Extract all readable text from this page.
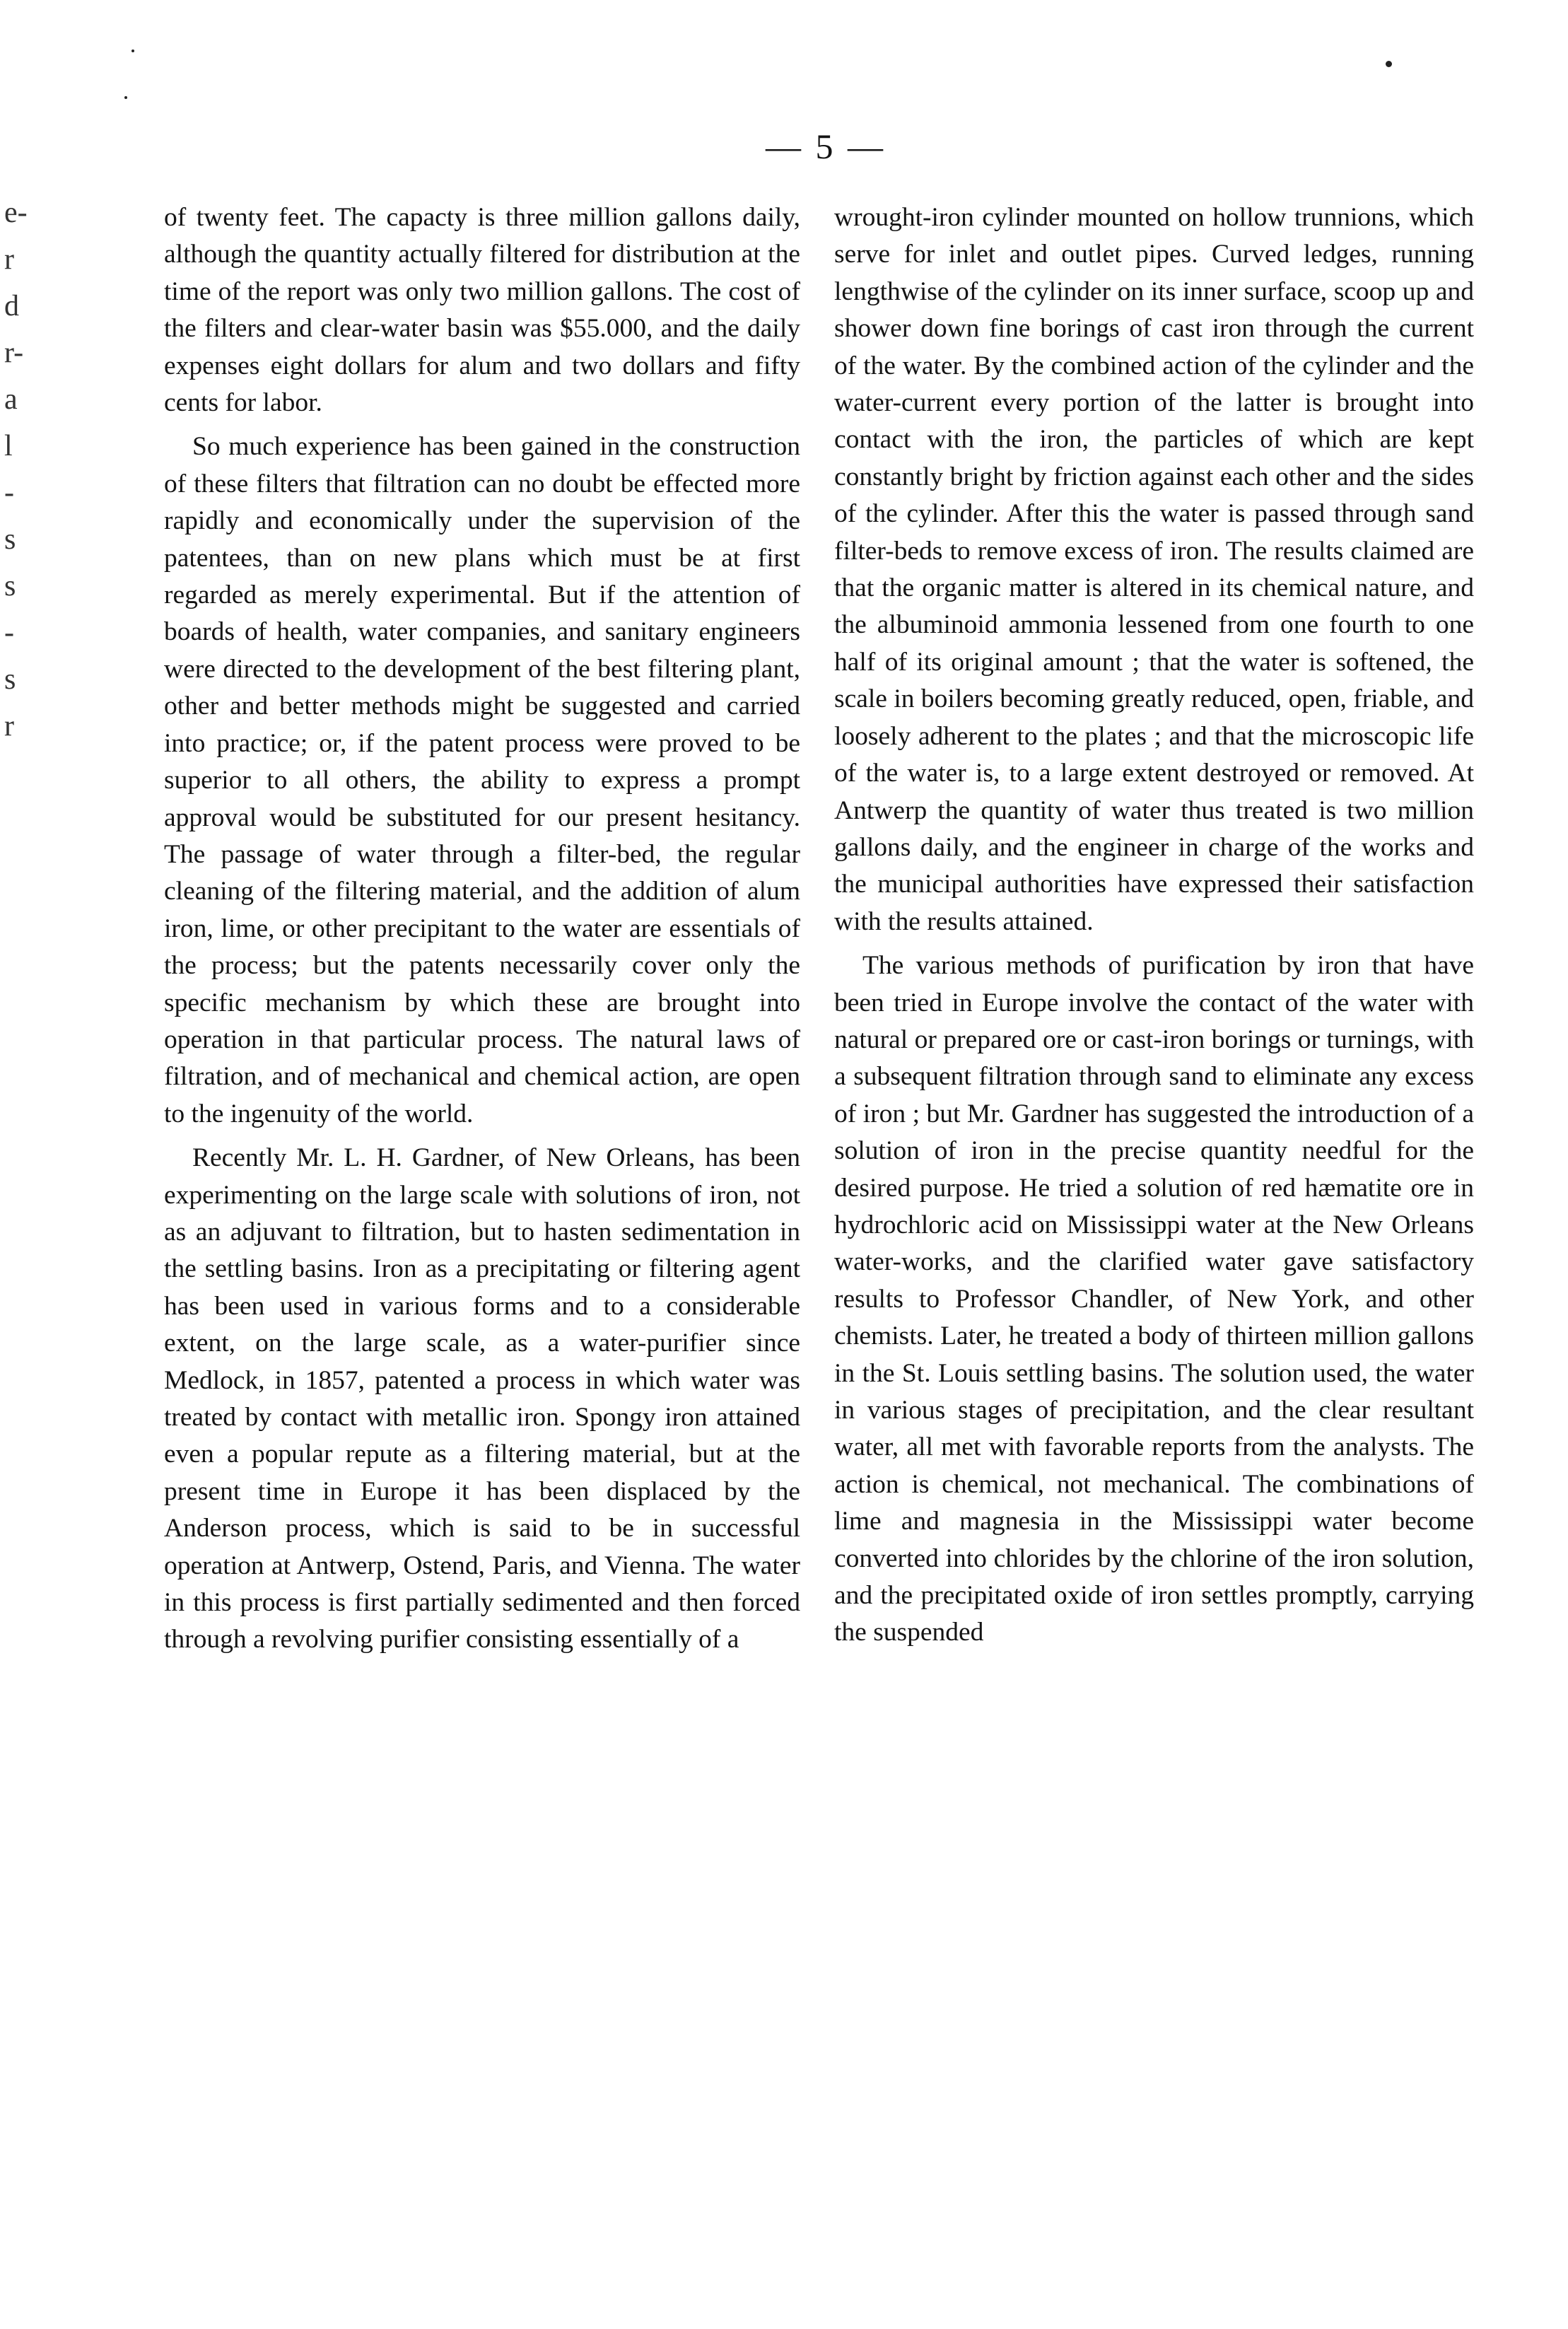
— 5 —
e-
r
d
r-
a
l
-
s
s
-
s
r

of twenty feet. The capacty is three million gallons daily, although the quantity actually filtered for distribution at the time of the report was only two million gallons. The cost of the filters and clear-water basin was $55.000, and the daily expenses eight dollars for alum and two dollars and fifty cents for labor.

So much experience has been gained in the construction of these filters that filtration can no doubt be effected more rapidly and economically under the supervision of the patentees, than on new plans which must be at first regarded as merely experimental. But if the attention of boards of health, water companies, and sanitary engineers were directed to the development of the best filtering plant, other and better methods might be suggested and carried into practice; or, if the patent process were proved to be superior to all others, the ability to express a prompt approval would be substituted for our present hesitancy. The passage of water through a filter-bed, the regular cleaning of the filtering material, and the addition of alum iron, lime, or other precipitant to the water are essentials of the process; but the patents necessarily cover only the specific mechanism by which these are brought into operation in that particular process. The natural laws of filtration, and of mechanical and chemical action, are open to the ingenuity of the world.

Recently Mr. L. H. Gardner, of New Orleans, has been experimenting on the large scale with solutions of iron, not as an adjuvant to filtration, but to hasten sedimentation in the settling basins. Iron as a precipitating or filtering agent has been used in various forms and to a considerable extent, on the large scale, as a water-purifier since Medlock, in 1857, patented a process in which water was treated by contact with metallic iron. Spongy iron attained even a popular repute as a filtering material, but at the present time in Europe it has been displaced by the Anderson process, which is said to be in successful operation at Antwerp, Ostend, Paris, and Vienna. The water in this process is first partially sedimented and then forced through a revolving purifier consisting essentially of a

wrought-iron cylinder mounted on hollow trunnions, which serve for inlet and outlet pipes. Curved ledges, running lengthwise of the cylinder on its inner surface, scoop up and shower down fine borings of cast iron through the current of the water. By the combined action of the cylinder and the water-current every portion of the latter is brought into contact with the iron, the particles of which are kept constantly bright by friction against each other and the sides of the cylinder. After this the water is passed through sand filter-beds to remove excess of iron. The results claimed are that the organic matter is altered in its chemical nature, and the albuminoid ammonia lessened from one fourth to one half of its original amount ; that the water is softened, the scale in boilers becoming greatly reduced, open, friable, and loosely adherent to the plates ; and that the microscopic life of the water is, to a large extent destroyed or removed. At Antwerp the quantity of water thus treated is two million gallons daily, and the engineer in charge of the works and the municipal authorities have expressed their satisfaction with the results attained.

The various methods of purification by iron that have been tried in Europe involve the contact of the water with natural or prepared ore or cast-iron borings or turnings, with a subsequent filtration through sand to eliminate any excess of iron ; but Mr. Gardner has suggested the introduction of a solution of iron in the precise quantity needful for the desired purpose. He tried a solution of red hæmatite ore in hydrochloric acid on Mississippi water at the New Orleans water-works, and the clarified water gave satisfactory results to Professor Chandler, of New York, and other chemists. Later, he treated a body of thirteen million gallons in the St. Louis settling basins. The solution used, the water in various stages of precipitation, and the clear resultant water, all met with favorable reports from the analysts. The action is chemical, not mechanical. The combinations of lime and magnesia in the Mississippi water become converted into chlorides by the chlorine of the iron solution, and the precipitated oxide of iron settles promptly, carrying the suspended
